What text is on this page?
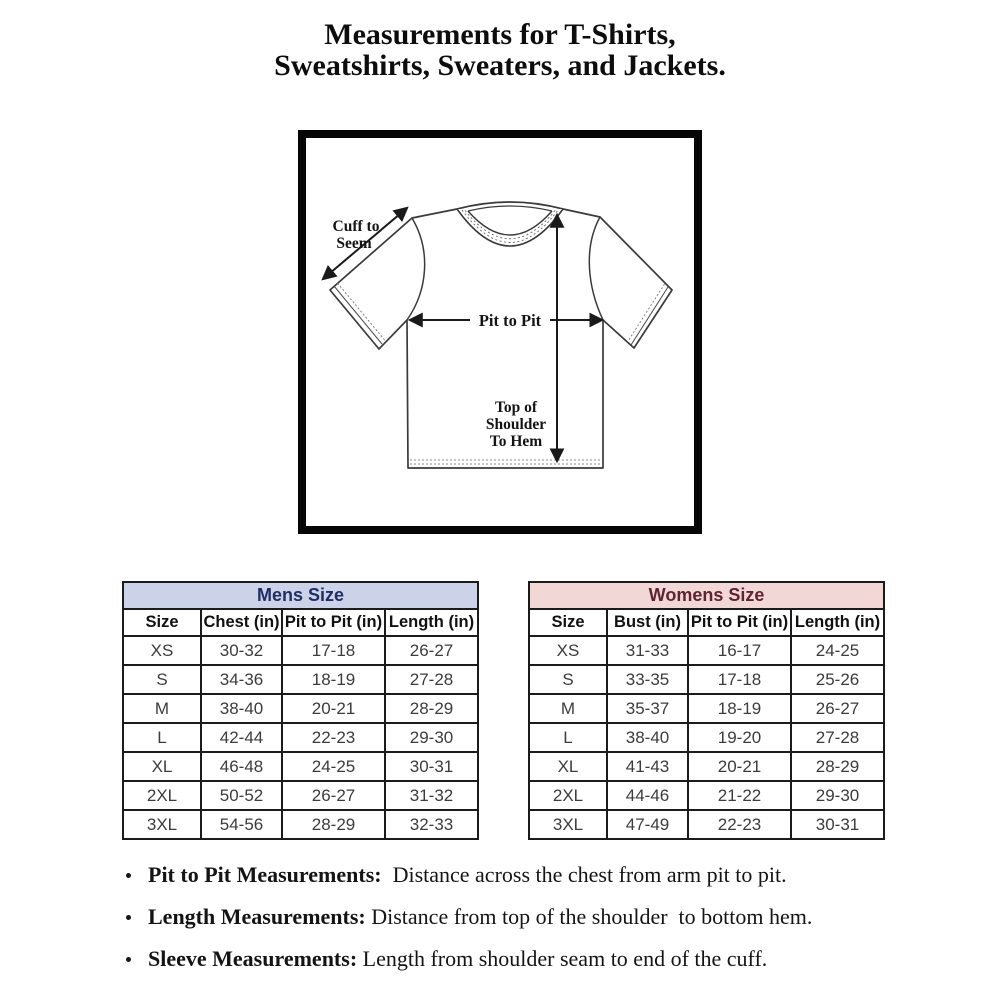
Measurements for T-Shirts,
Sweatshirts, Sweaters, and Jackets.
Cuff to
Seem
Pit to Pit
Top of
Shoulder
To Hem
Mens Size			
Size	Chest (in)	Pit to Pit (in)	Length (in)
XS	30-32	17-18	26-27
S	34-36	18-19	27-28
M	38-40	20-21	28-29
L	42-44	22-23	29-30
XL	46-48	24-25	30-31
2XL	50-52	26-27	31-32
3XL	54-56	28-29	32-33
Womens Size			
Size	Bust (in)	Pit to Pit (in)	Length (in)
XS	31-33	16-17	24-25
S	33-35	17-18	25-26
M	35-37	18-19	26-27
L	38-40	19-20	27-28
XL	41-43	20-21	28-29
2XL	44-46	21-22	29-30
3XL	47-49	22-23	30-31
Pit to Pit Measurements:  Distance across the chest from arm pit to pit.
Length Measurements: Distance from top of the shoulder  to bottom hem.
Sleeve Measurements: Length from shoulder seam to end of the cuff.
